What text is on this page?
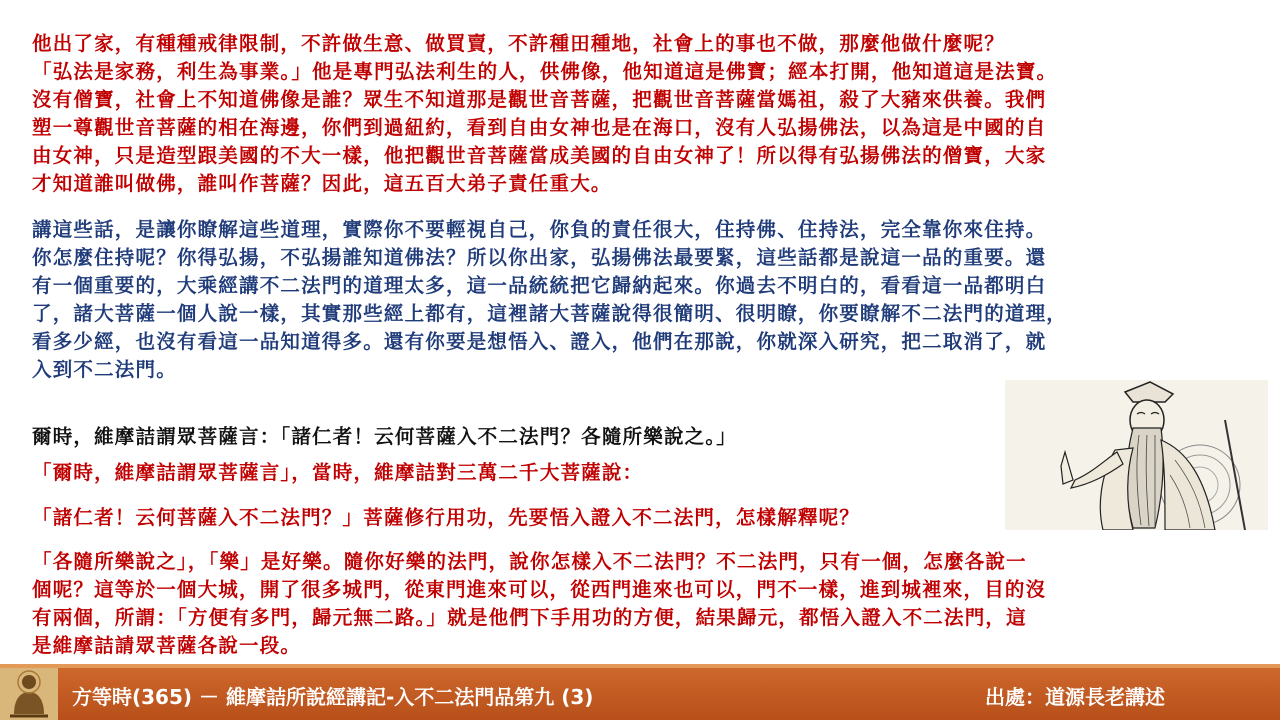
他出了家，有種種戒律限制，不許做生意、做買賣，不許種田種地，社會上的事也不做，那麼他做什麼呢？
「弘法是家務，利生為事業。」他是專門弘法利生的人，供佛像，他知道這是佛寶；經本打開，他知道這是法寶。
沒有僧寶，社會上不知道佛像是誰？眾生不知道那是觀世音菩薩，把觀世音菩薩當媽祖，殺了大豬來供養。我們
塑一尊觀世音菩薩的相在海邊，你們到過紐約，看到自由女神也是在海口，沒有人弘揚佛法，以為這是中國的自
由女神，只是造型跟美國的不大一樣，他把觀世音菩薩當成美國的自由女神了！所以得有弘揚佛法的僧寶，大家
才知道誰叫做佛，誰叫作菩薩？因此，這五百大弟子責任重大。

講這些話，是讓你瞭解這些道理，實際你不要輕視自己，你負的責任很大，住持佛、住持法，完全靠你來住持。
你怎麼住持呢？你得弘揚，不弘揚誰知道佛法？所以你出家，弘揚佛法最要緊，這些話都是說這一品的重要。還
有一個重要的，大乘經講不二法門的道理太多，這一品統統把它歸納起來。你過去不明白的，看看這一品都明白
了，諸大菩薩一個人說一樣，其實那些經上都有，這裡諸大菩薩說得很簡明、很明瞭，你要瞭解不二法門的道理，
看多少經，也沒有看這一品知道得多。還有你要是想悟入、證入，他們在那說，你就深入研究，把二取消了，就
入到不二法門。

爾時，維摩詰謂眾菩薩言：「諸仁者！云何菩薩入不二法門？各隨所樂說之。」

「爾時，維摩詰謂眾菩薩言」，當時，維摩詰對三萬二千大菩薩說：

「諸仁者！云何菩薩入不二法門？」菩薩修行用功，先要悟入證入不二法門，怎樣解釋呢？

「各隨所樂說之」，「樂」是好樂。隨你好樂的法門，說你怎樣入不二法門？不二法門，只有一個，怎麼各說一
個呢？這等於一個大城，開了很多城門，從東門進來可以，從西門進來也可以，門不一樣，進到城裡來，目的沒
有兩個，所謂：「方便有多門，歸元無二路。」就是他們下手用功的方便，結果歸元，都悟入證入不二法門，這
是維摩詰請眾菩薩各說一段。

方等時(365) － 維摩詰所說經講記-入不二法門品第九 (3)	出處：道源長老講述
